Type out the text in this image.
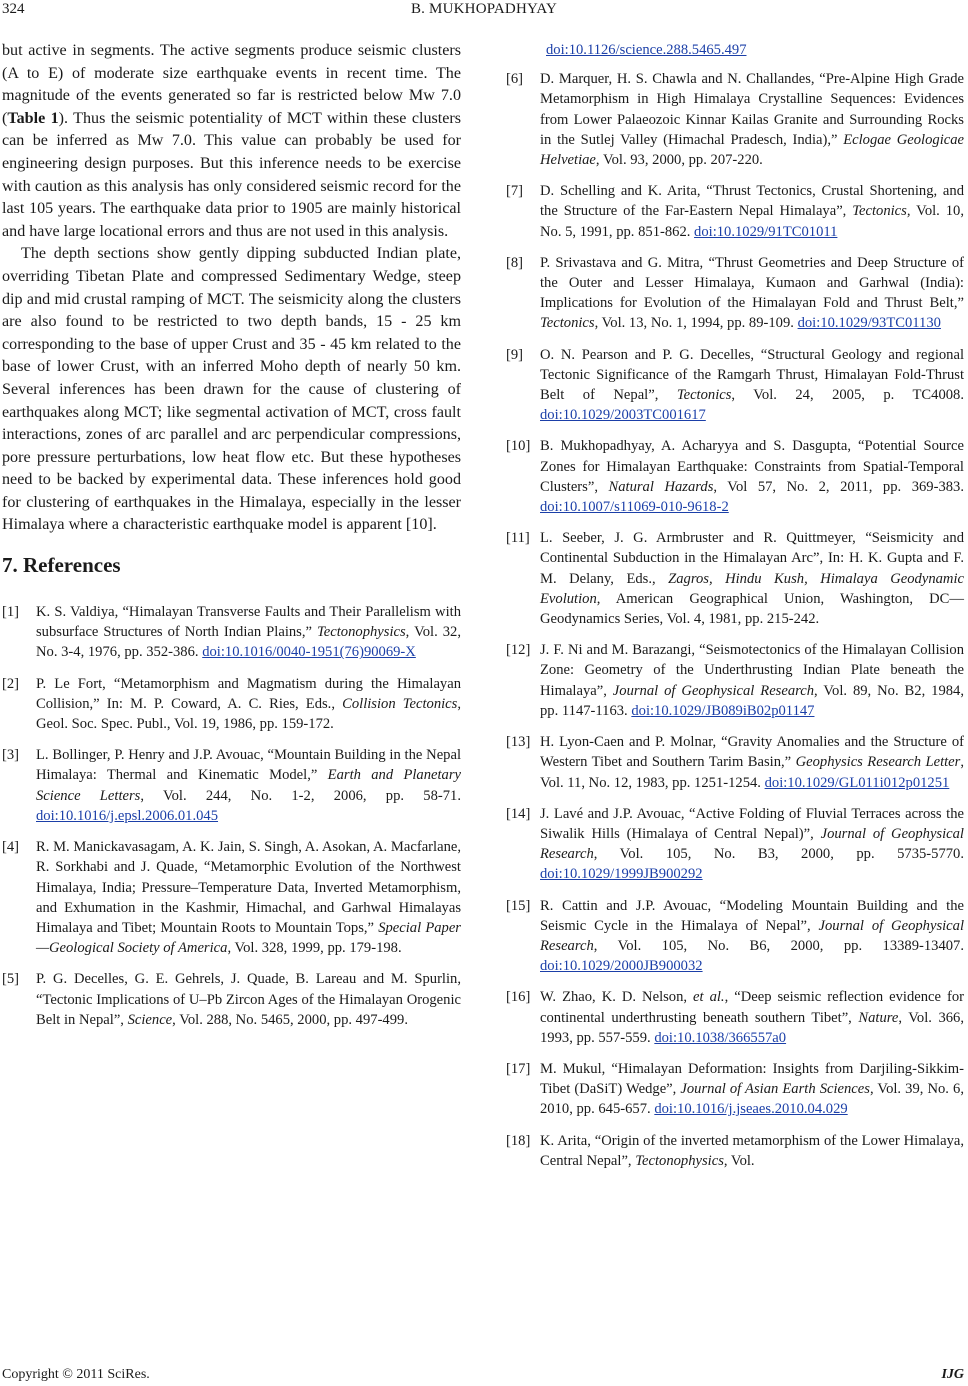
324	B. MUKHOPADHYAY

but active in segments. The active segments produce seismic clusters (A to E) of moderate size earthquake events in recent time. The magnitude of the events generated so far is restricted below Mw 7.0 (Table 1). Thus the seismic potentiality of MCT within these clusters can be inferred as Mw 7.0. This value can probably be used for engineering design purposes. But this inference needs to be exercise with caution as this analysis has only considered seismic record for the last 105 years. The earthquake data prior to 1905 are mainly historical and have large locational errors and thus are not used in this analysis.

The depth sections show gently dipping subducted Indian plate, overriding Tibetan Plate and compressed Sedimentary Wedge, steep dip and mid crustal ramping of MCT. The seismicity along the clusters are also found to be restricted to two depth bands, 15 - 25 km corresponding to the base of upper Crust and 35 - 45 km related to the base of lower Crust, with an inferred Moho depth of nearly 50 km. Several inferences has been drawn for the cause of clustering of earthquakes along MCT; like segmental activation of MCT, cross fault interactions, zones of arc parallel and arc perpendicular compressions, pore pressure perturbations, low heat flow etc. But these hypotheses need to be backed by experimental data. These inferences hold good for clustering of earthquakes in the Himalaya, especially in the lesser Himalaya where a characteristic earthquake model is apparent [10].

7. References
[1]	K. S. Valdiya, “Himalayan Transverse Faults and Their Parallelism with subsurface Structures of North Indian Plains,” Tectonophysics, Vol. 32, No. 3-4, 1976, pp. 352-386. doi:10.1016/0040-1951(76)90069-X
[2]	P. Le Fort, “Metamorphism and Magmatism during the Himalayan Collision,” In: M. P. Coward, A. C. Ries, Eds., Collision Tectonics, Geol. Soc. Spec. Publ., Vol. 19, 1986, pp. 159-172.
[3]	L. Bollinger, P. Henry and J.P. Avouac, “Mountain Building in the Nepal Himalaya: Thermal and Kinematic Model,” Earth and Planetary Science Letters, Vol. 244, No. 1-2, 2006, pp. 58-71. doi:10.1016/j.epsl.2006.01.045
[4]	R. M. Manickavasagam, A. K. Jain, S. Singh, A. Asokan, A. Macfarlane, R. Sorkhabi and J. Quade, “Metamorphic Evolution of the Northwest Himalaya, India; Pressure–Temperature Data, Inverted Metamorphism, and Exhumation in the Kashmir, Himachal, and Garhwal Himalayas Himalaya and Tibet; Mountain Roots to Mountain Tops,” Special Paper—Geological Society of America, Vol. 328, 1999, pp. 179-198.
[5]	P. G. Decelles, G. E. Gehrels, J. Quade, B. Lareau and M. Spurlin, “Tectonic Implications of U–Pb Zircon Ages of the Himalayan Orogenic Belt in Nepal”, Science, Vol. 288, No. 5465, 2000, pp. 497-499.

doi:10.1126/science.288.5465.497

[6]	D. Marquer, H. S. Chawla and N. Challandes, “Pre-Alpine High Grade Metamorphism in High Himalaya Crystalline Sequences: Evidences from Lower Palaeozoic Kinnar Kailas Granite and Surrounding Rocks in the Sutlej Valley (Himachal Pradesch, India),” Eclogae Geologicae Helvetiae, Vol. 93, 2000, pp. 207-220.
[7]	D. Schelling and K. Arita, “Thrust Tectonics, Crustal Shortening, and the Structure of the Far-Eastern Nepal Himalaya”, Tectonics, Vol. 10, No. 5, 1991, pp. 851-862. doi:10.1029/91TC01011
[8]	P. Srivastava and G. Mitra, “Thrust Geometries and Deep Structure of the Outer and Lesser Himalaya, Kumaon and Garhwal (India): Implications for Evolution of the Himalayan Fold and Thrust Belt,” Tectonics, Vol. 13, No. 1, 1994, pp. 89-109. doi:10.1029/93TC01130
[9]	O. N. Pearson and P. G. Decelles, “Structural Geology and regional Tectonic Significance of the Ramgarh Thrust, Himalayan Fold-Thrust Belt of Nepal”, Tectonics, Vol. 24, 2005, p. TC4008. doi:10.1029/2003TC001617
[10] B. Mukhopadhyay, A. Acharyya and S. Dasgupta, “Potential Source Zones for Himalayan Earthquake: Constraints from Spatial-Temporal Clusters”, Natural Hazards, Vol 57, No. 2, 2011, pp. 369-383. doi:10.1007/s11069-010-9618-2
[11] L. Seeber, J. G. Armbruster and R. Quittmeyer, “Seismicity and Continental Subduction in the Himalayan Arc”, In: H. K. Gupta and F. M. Delany, Eds., Zagros, Hindu Kush, Himalaya Geodynamic Evolution, American Geographical Union, Washington, DC—Geodynamics Series, Vol. 4, 1981, pp. 215-242.
[12] J. F. Ni and M. Barazangi, “Seismotectonics of the Himalayan Collision Zone: Geometry of the Underthrusting Indian Plate beneath the Himalaya”, Journal of Geophysical Research, Vol. 89, No. B2, 1984, pp. 1147-1163. doi:10.1029/JB089iB02p01147
[13] H. Lyon-Caen and P. Molnar, “Gravity Anomalies and the Structure of Western Tibet and Southern Tarim Basin,” Geophysics Research Letter, Vol. 11, No. 12, 1983, pp. 1251-1254. doi:10.1029/GL011i012p01251
[14] J. Lavé and J.P. Avouac, “Active Folding of Fluvial Terraces across the Siwalik Hills (Himalaya of Central Nepal)”, Journal of Geophysical Research, Vol. 105, No. B3, 2000, pp. 5735-5770. doi:10.1029/1999JB900292
[15] R. Cattin and J.P. Avouac, “Modeling Mountain Building and the Seismic Cycle in the Himalaya of Nepal”, Journal of Geophysical Research, Vol. 105, No. B6, 2000, pp. 13389-13407. doi:10.1029/2000JB900032
[16] W. Zhao, K. D. Nelson, et al., “Deep seismic reflection evidence for continental underthrusting beneath southern Tibet”, Nature, Vol. 366, 1993, pp. 557-559. doi:10.1038/366557a0
[17] M. Mukul, “Himalayan Deformation: Insights from Darjiling-Sikkim-Tibet (DaSiT) Wedge”, Journal of Asian Earth Sciences, Vol. 39, No. 6, 2010, pp. 645-657. doi:10.1016/j.jseaes.2010.04.029
[18] K. Arita, “Origin of the inverted metamorphism of the Lower Himalaya, Central Nepal”, Tectonophysics, Vol.
Copyright © 2011 SciRes.	IJG
